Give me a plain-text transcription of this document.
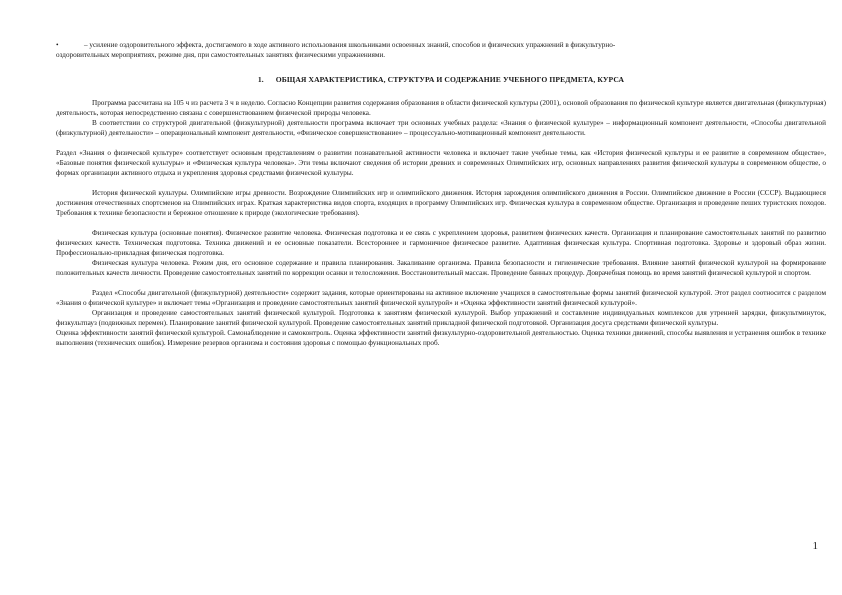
•	– усиление оздоровительного эффекта, достигаемого в ходе активного использования школьниками освоенных знаний, способов и физических упражнений в физкультурно-

оздоровительных мероприятиях, режиме дня, при самостоятельных занятиях физическими упражнениями.

1. ОБЩАЯ ХАРАКТЕРИСТИКА, СТРУКТУРА И СОДЕРЖАНИЕ УЧЕБНОГО ПРЕДМЕТА, КУРСА

Программа рассчитана на 105 ч из расчета 3 ч в неделю. Согласно Концепции развития содержания образования в области физической культуры (2001), основой образования по физической культуре является двигательная (физкультурная) деятельность, которая непосредственно связана с совершенствованием физической природы человека.

В соответствии со структурой двигательной (физкультурной) деятельности программа включает три основных учебных раздела: «Знания о физической культуре» – информационный компонент деятельности, «Способы двигательной (физкультурной) деятельности» – операциональный компонент деятельности, «Физическое совершенствование» – процессуально-мотивационный компонент деятельности.

Раздел «Знания о физической культуре» соответствует основным представлениям о развитии познавательной активности человека и включает такие учебные темы, как «История физической культуры и ее развитие в современном обществе», «Базовые понятия физической культуры» и «Физическая культура человека». Эти темы включают сведения об истории древних и современных Олимпийских игр, основных направлениях развития физической культуры в современном обществе, о формах организации активного отдыха и укрепления здоровья средствами физической культуры.

История физической культуры. Олимпийские игры древности. Возрождение Олимпийских игр и олимпийского движения. История зарождения олимпийского движения в России. Олимпийское движение в России (СССР). Выдающиеся достижения отечественных спортсменов на Олимпийских играх. Краткая характеристика видов спорта, входящих в программу Олимпийских игр. Физическая культура в современном обществе. Организация и проведение пеших туристских походов. Требования к технике безопасности и бережное отношение к природе (экологические требования).

Физическая культура (основные понятия). Физическое развитие человека. Физическая подготовка и ее связь с укреплением здоровья, развитием физических качеств. Организация и планирование самостоятельных занятий по развитию физических качеств. Техническая подготовка. Техника движений и ее основные показатели. Всестороннее и гармоничное физическое развитие. Адаптивная физическая культура. Спортивная подготовка. Здоровье и здоровый образ жизни. Профессионально-прикладная физическая подготовка.

Физическая культура человека. Режим дня, его основное содержание и правила планирования. Закаливание организма. Правила безопасности и гигиенические требования. Влияние занятий физической культурой на формирование положительных качеств личности. Проведение самостоятельных занятий по коррекции осанки и телосложения. Восстановительный массаж. Проведение банных процедур. Доврачебная помощь во время занятий физической культурой и спортом.

Раздел «Способы двигательной (физкультурной) деятельности» содержит задания, которые ориентированы на активное включение учащихся в самостоятельные формы занятий физической культурой. Этот раздел соотносится с разделом «Знания о физической культуре» и включает темы «Организация и проведение самостоятельных занятий физической культурой» и «Оценка эффективности занятий физической культурой».

Организация и проведение самостоятельных занятий физической культурой. Подготовка к занятиям физической культурой. Выбор упражнений и составление индивидуальных комплексов для утренней зарядки, физкультминуток, физкультпауз (подвижных перемен). Планирование занятий физической культурой. Проведение самостоятельных занятий прикладной физической подготовкой. Организация досуга средствами физической культуры.

Оценка эффективности занятий физической культурой. Самонаблюдение и самоконтроль. Оценка эффективности занятий физкультурно-оздоровительной деятельностью. Оценка техники движений, способы выявления и устранения ошибок в технике выполнения (технических ошибок). Измерение резервов организма и состояния здоровья с помощью функциональных проб.

1
